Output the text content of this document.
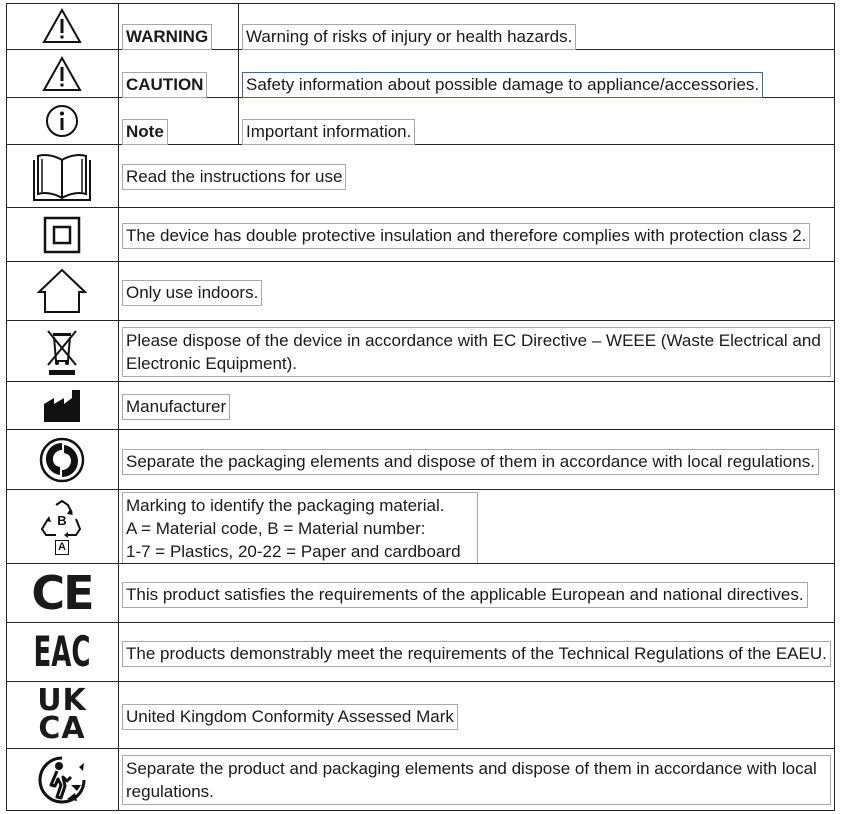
WARNING Warning of risks of injury or health hazards.
CAUTION	Safety information about possible damage to appliance/accessories.
Note	Important information.
Read the instructions for use
The device has double protective insulation and therefore complies with protection class 2.
Only use indoors.
Please dispose of the device in accordance with EC Directive – WEEE (Waste Electrical and Electronic Equipment).
Manufacturer
Separate the packaging elements and dispose of them in accordance with local regulations.
B
A
Marking to identify the packaging material.
A = Material code, B = Material number:
1-7 = Plastics, 20-22 = Paper and cardboard
CE This product satisfies the requirements of the applicable European and national directives.
EAC The products demonstrably meet the requirements of the Technical Regulations of the EAEU.
UK
CA United Kingdom Conformity Assessed Mark
Separate the product and packaging elements and dispose of them in accordance with local regulations.
